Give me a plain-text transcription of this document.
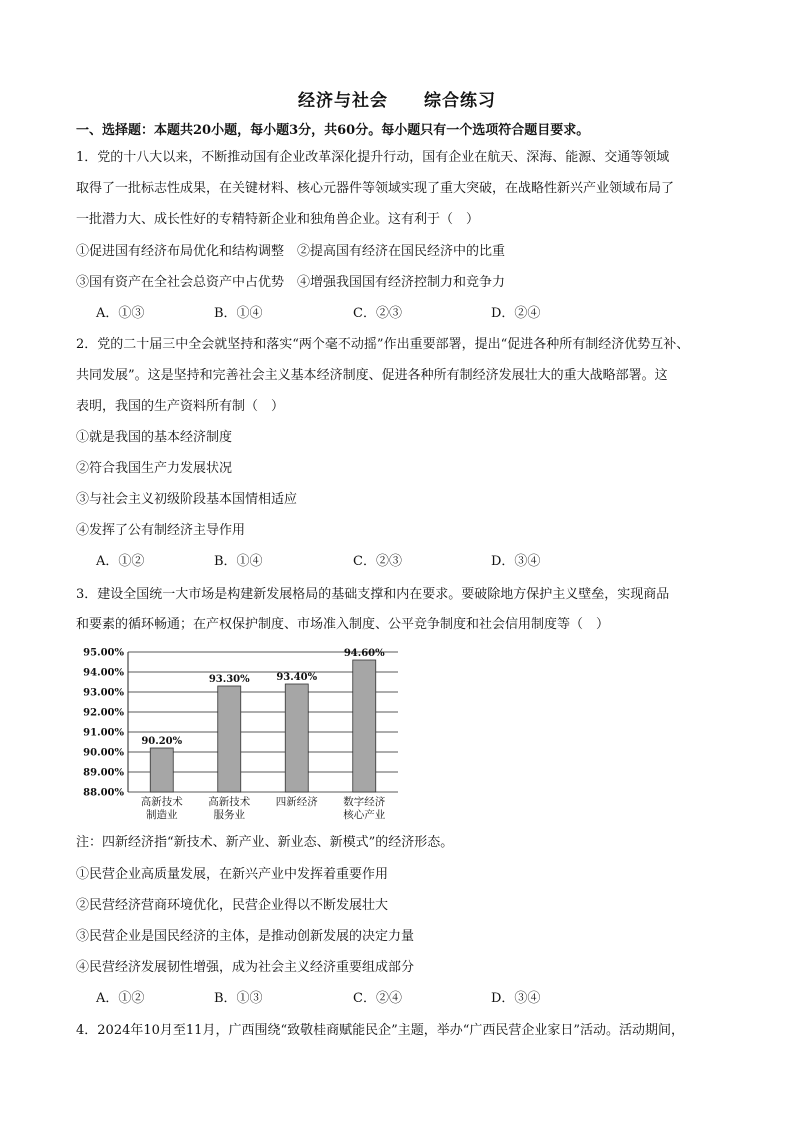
经济与社会 综合练习
一、选择题：本题共20小题，每小题3分，共60分。每小题只有一个选项符合题目要求。
1．党的十八大以来，不断推动国有企业改革深化提升行动，国有企业在航天、深海、能源、交通等领域
取得了一批标志性成果，在关键材料、核心元器件等领域实现了重大突破，在战略性新兴产业领域布局了
一批潜力大、成长性好的专精特新企业和独角兽企业。这有利于（　）
①促进国有经济布局优化和结构调整　②提高国有经济在国民经济中的比重
③国有资产在全社会总资产中占优势　④增强我国国有经济控制力和竞争力
A．①③	B．①④	C．②③	D．②④
2．党的二十届三中全会就坚持和落实“两个毫不动摇”作出重要部署，提出“促进各种所有制经济优势互补、
共同发展”。这是坚持和完善社会主义基本经济制度、促进各种所有制经济发展壮大的重大战略部署。这
表明，我国的生产资料所有制（　）
①就是我国的基本经济制度
②符合我国生产力发展状况
③与社会主义初级阶段基本国情相适应
④发挥了公有制经济主导作用
A．①②	B．①④	C．②③	D．③④
3．建设全国统一大市场是构建新发展格局的基础支撑和内在要求。要破除地方保护主义壁垒，实现商品
和要素的循环畅通；在产权保护制度、市场准入制度、公平竞争制度和社会信用制度等（　）
88.00%
89.00%
90.00%
91.00%
92.00%
93.00%
94.00%
95.00%
90.20%
高新技术
制造业
93.30%
高新技术
服务业
93.40%
四新经济
94.60%
数字经济
核心产业
注：四新经济指“新技术、新产业、新业态、新模式”的经济形态。
①民营企业高质量发展，在新兴产业中发挥着重要作用
②民营经济营商环境优化，民营企业得以不断发展壮大
③民营企业是国民经济的主体，是推动创新发展的决定力量
④民营经济发展韧性增强，成为社会主义经济重要组成部分
A．①②	B．①③	C．②④	D．③④
4．2024年10月至11月，广西围绕“致敬桂商赋能民企”主题，举办“广西民营企业家日”活动。活动期间，
